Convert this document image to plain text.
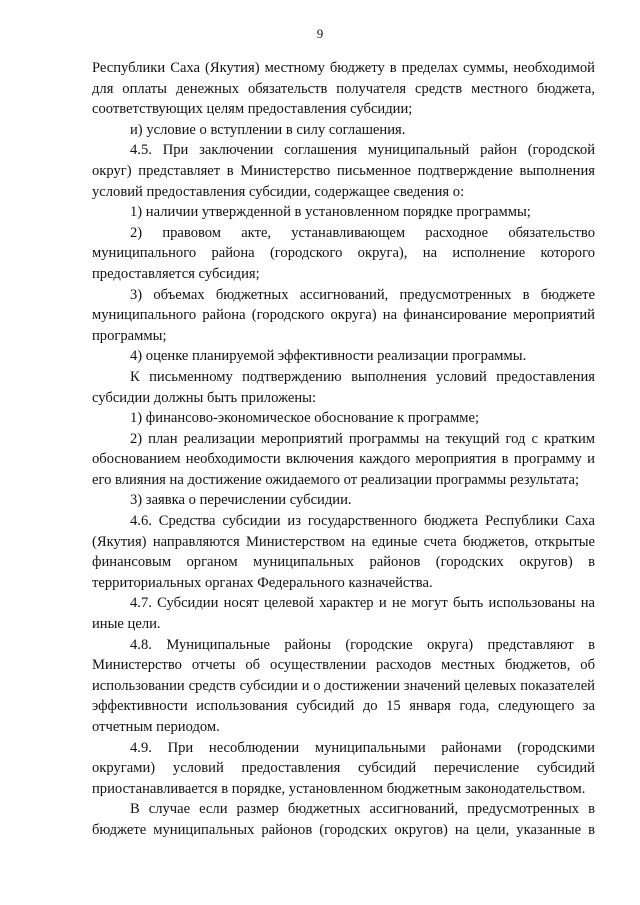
9

Республики Саха (Якутия) местному бюджету в пределах суммы, необходимой для оплаты денежных обязательств получателя средств местного бюджета, соответствующих целям предоставления субсидии;

и) условие о вступлении в силу соглашения.

4.5. При заключении соглашения муниципальный район (городской округ) представляет в Министерство письменное подтверждение выполнения условий предоставления субсидии, содержащее сведения о:

1) наличии утвержденной в установленном порядке программы;

2) правовом акте, устанавливающем расходное обязательство муниципального района (городского округа), на исполнение которого предоставляется субсидия;

3) объемах бюджетных ассигнований, предусмотренных в бюджете муниципального района (городского округа) на финансирование мероприятий программы;

4) оценке планируемой эффективности реализации программы.

К письменному подтверждению выполнения условий предоставления субсидии должны быть приложены:

1) финансово-экономическое обоснование к программе;

2) план реализации мероприятий программы на текущий год с кратким обоснованием необходимости включения каждого мероприятия в программу и его влияния на достижение ожидаемого от реализации программы результата;

3) заявка о перечислении субсидии.

4.6. Средства субсидии из государственного бюджета Республики Саха (Якутия) направляются Министерством на единые счета бюджетов, открытые финансовым органом муниципальных районов (городских округов) в территориальных органах Федерального казначейства.

4.7. Субсидии носят целевой характер и не могут быть использованы на иные цели.

4.8. Муниципальные районы (городские округа) представляют в Министерство отчеты об осуществлении расходов местных бюджетов, об использовании средств субсидии и о достижении значений целевых показателей эффективности использования субсидий до 15 января года, следующего за отчетным периодом.

4.9. При несоблюдении муниципальными районами (городскими округами) условий предоставления субсидий перечисление субсидий приостанавливается в порядке, установленном бюджетным законодательством.

В случае если размер бюджетных ассигнований, предусмотренных в бюджете муниципальных районов (городских округов) на цели, указанные в
